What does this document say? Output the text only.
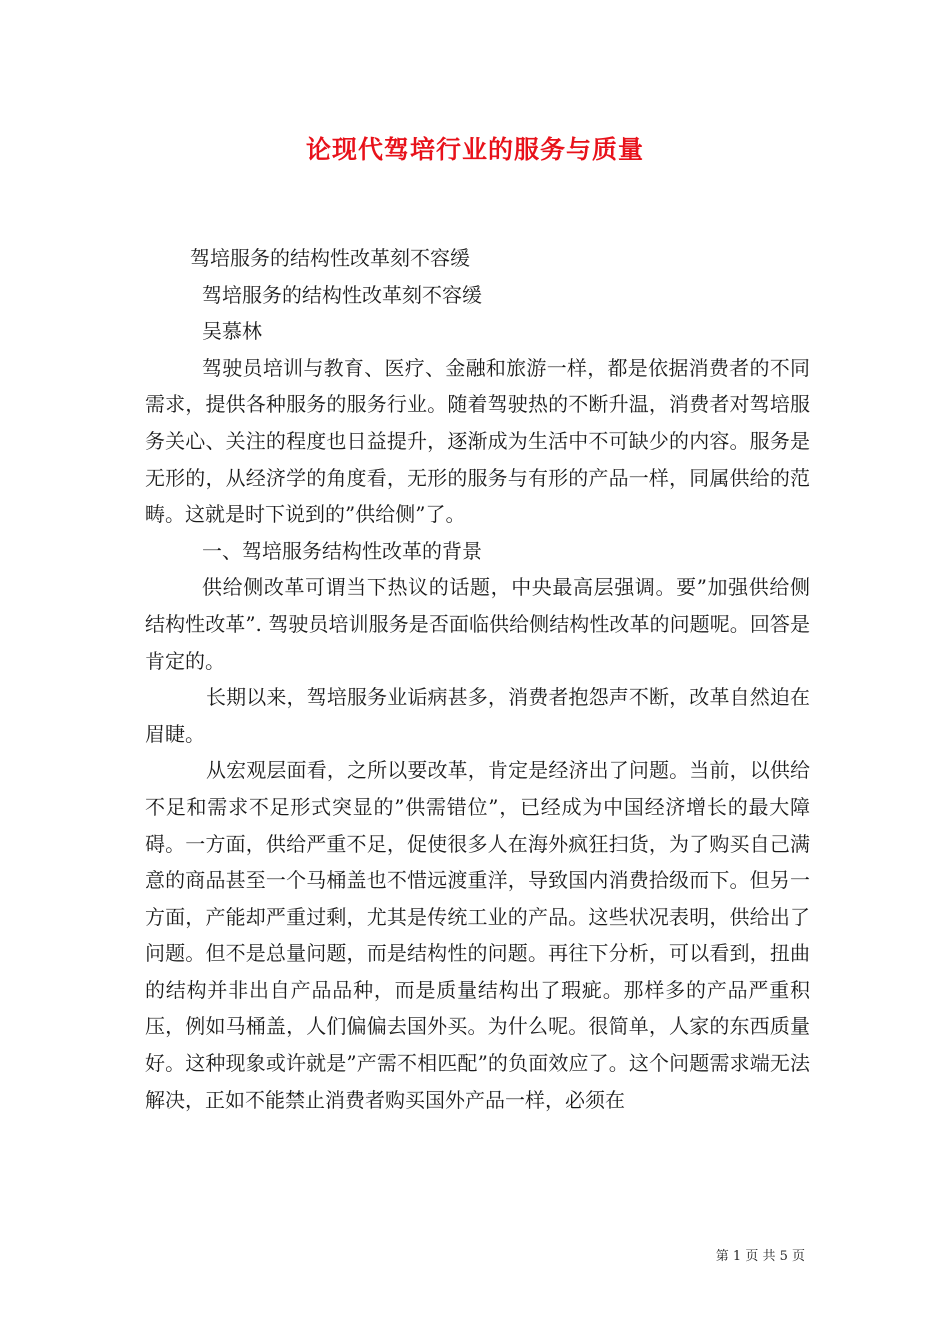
论现代驾培行业的服务与质量

驾培服务的结构性改革刻不容缓

驾培服务的结构性改革刻不容缓

吴慕林

驾驶员培训与教育、医疗、金融和旅游一样，都是依据消费者的不同需求，提供各种服务的服务行业。随着驾驶热的不断升温，消费者对驾培服务关心、关注的程度也日益提升，逐渐成为生活中不可缺少的内容。服务是无形的，从经济学的角度看，无形的服务与有形的产品一样，同属供给的范畴。这就是时下说到的”供给侧”了。

一、驾培服务结构性改革的背景

供给侧改革可谓当下热议的话题，中央最高层强调。要”加强供给侧结构性改革”. 驾驶员培训服务是否面临供给侧结构性改革的问题呢。回答是肯定的。

长期以来，驾培服务业诟病甚多，消费者抱怨声不断，改革自然迫在眉睫。

从宏观层面看，之所以要改革，肯定是经济出了问题。当前，以供给不足和需求不足形式突显的”供需错位”，已经成为中国经济增长的最大障碍。一方面，供给严重不足，促使很多人在海外疯狂扫货，为了购买自己满意的商品甚至一个马桶盖也不惜远渡重洋，导致国内消费拾级而下。但另一方面，产能却严重过剩，尤其是传统工业的产品。这些状况表明，供给出了问题。但不是总量问题，而是结构性的问题。再往下分析，可以看到，扭曲的结构并非出自产品品种，而是质量结构出了瑕疵。那样多的产品严重积压，例如马桶盖，人们偏偏去国外买。为什么呢。很简单，人家的东西质量好。这种现象或许就是”产需不相匹配”的负面效应了。这个问题需求端无法解决，正如不能禁止消费者购买国外产品一样，必须在

第 1 页 共 5 页
